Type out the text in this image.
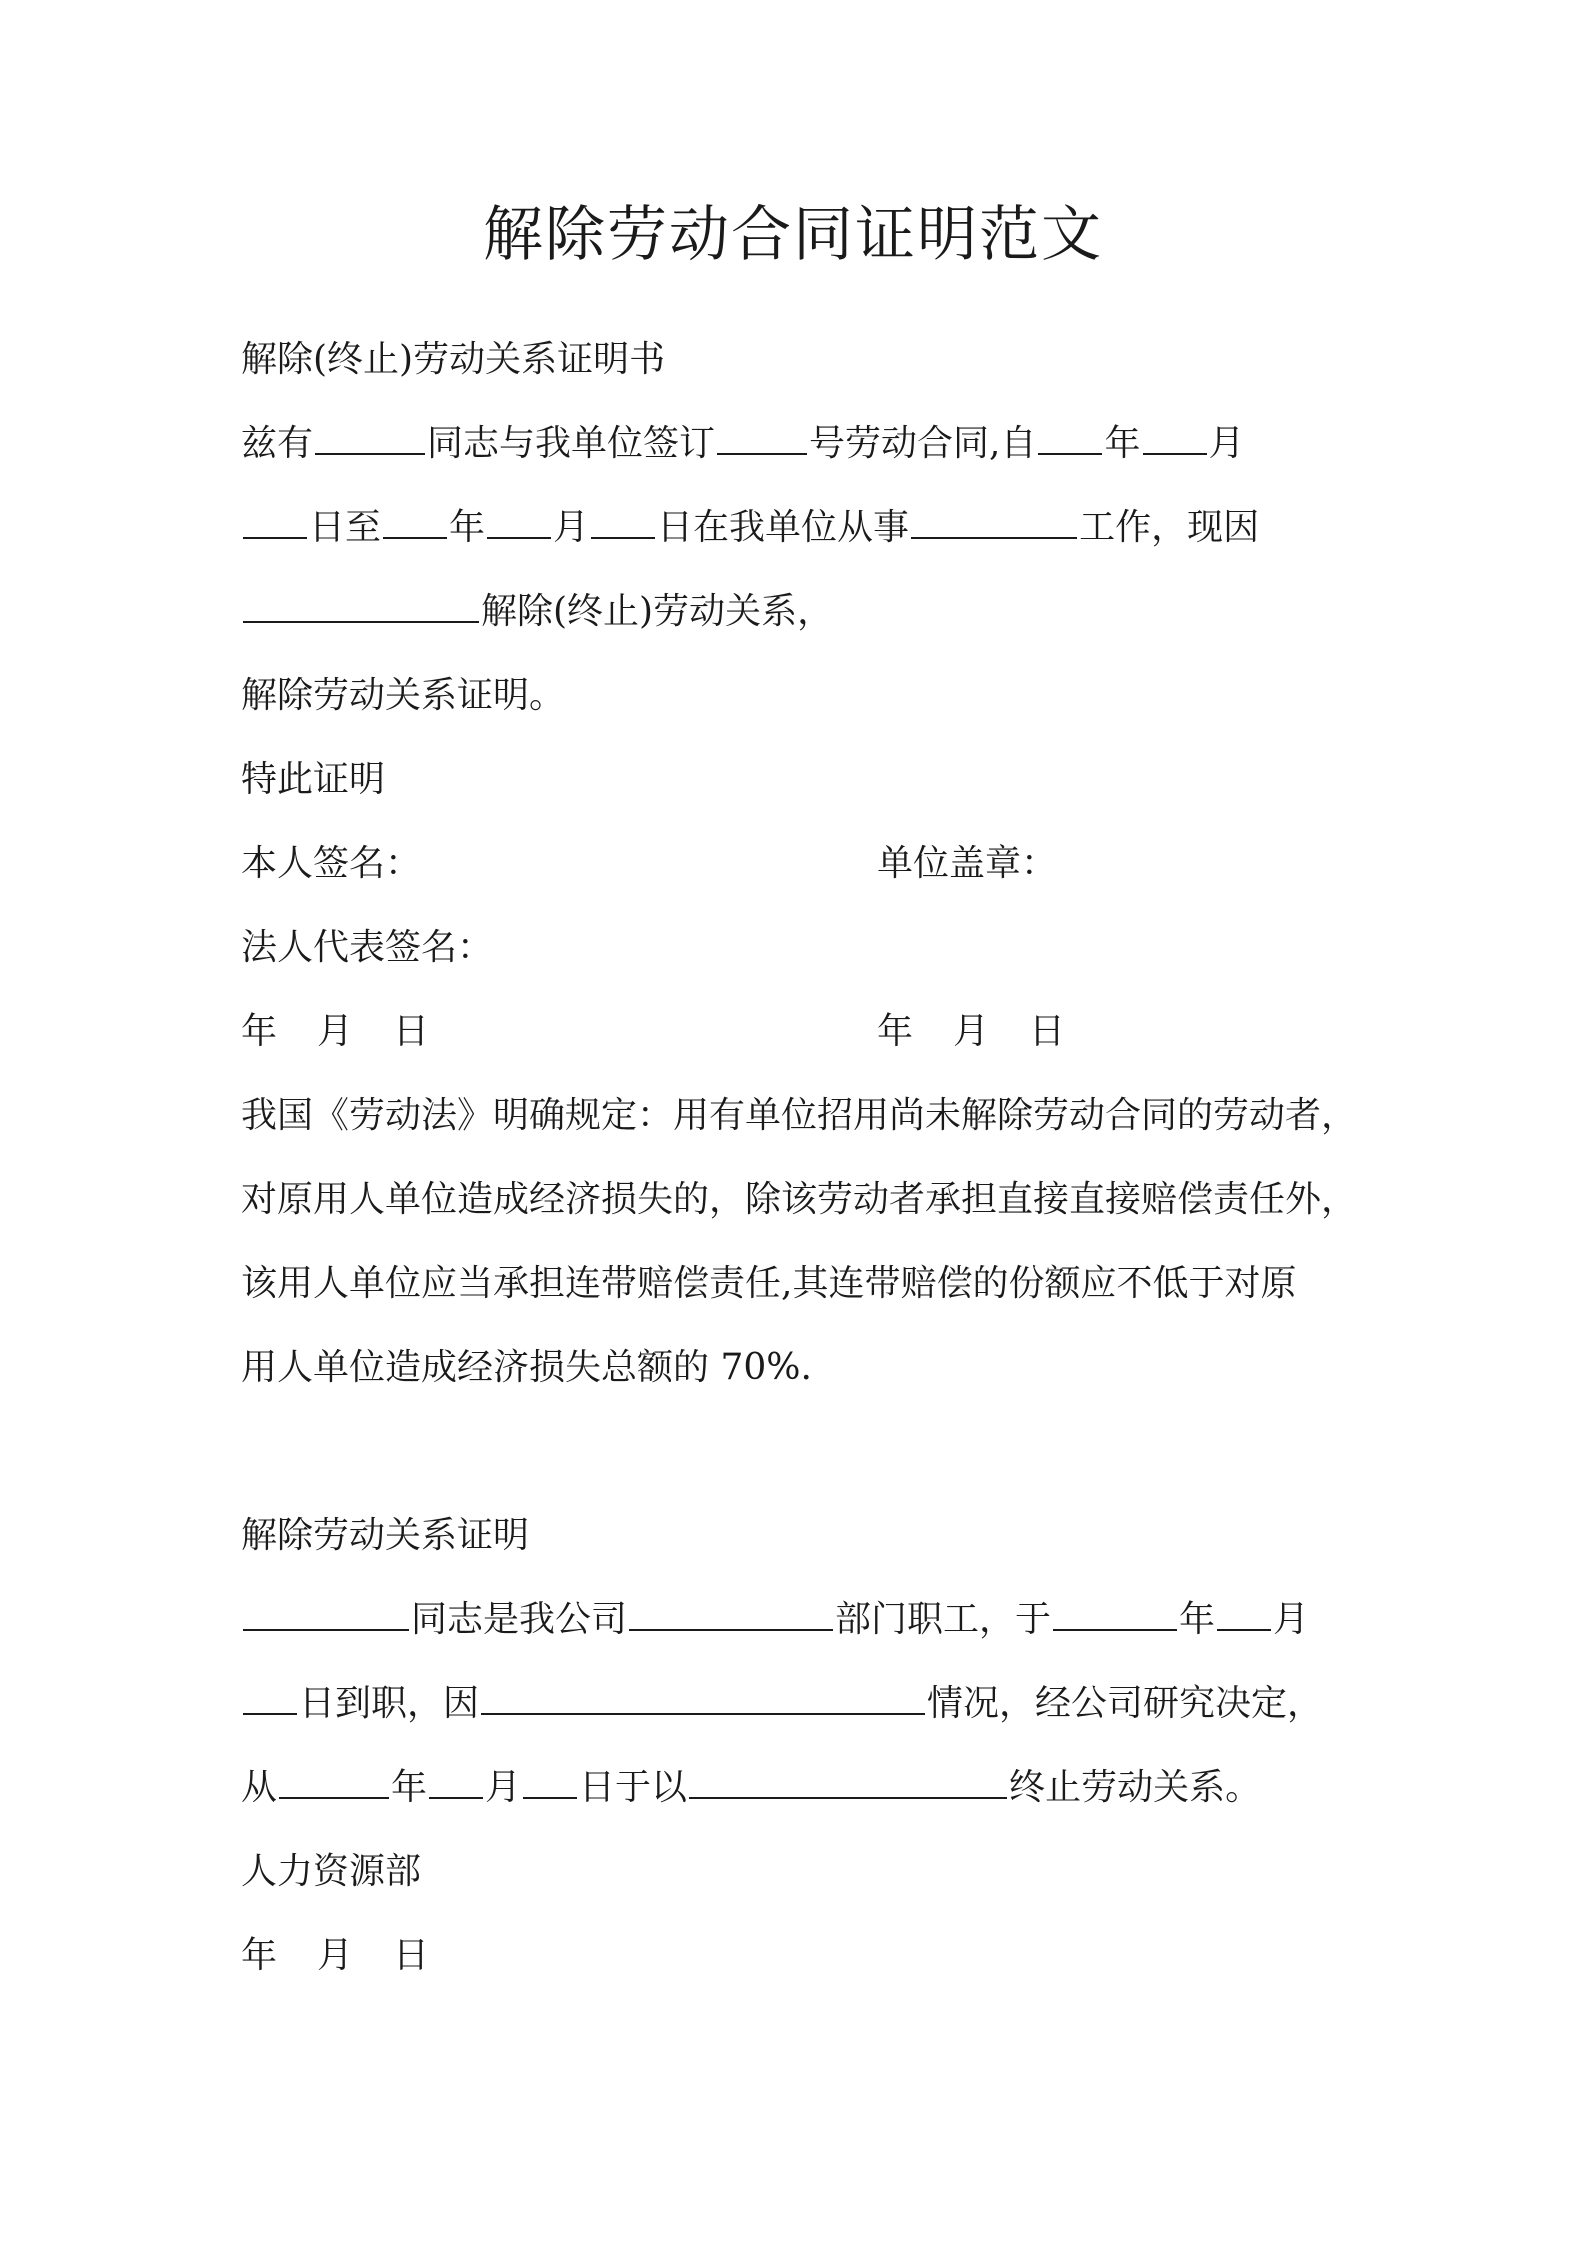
解除劳动合同证明范文
解除(终止)劳动关系证明书
兹有	同志与我单位签订	号劳动合同,自 年 月
日至 年 月 日在我单位从事	工作，现因
解除(终止)劳动关系，
解除劳动关系证明。
特此证明
本人签名：	单位盖章：
法人代表签名：
年 月 日	年 月 日
我国《劳动法》明确规定：用有单位招用尚未解除劳动合同的劳动者，
对原用人单位造成经济损失的，除该劳动者承担直接直接赔偿责任外，
该用人单位应当承担连带赔偿责任,其连带赔偿的份额应不低于对原
用人单位造成经济损失总额的 70%.
解除劳动关系证明
同志是我公司	部门职工，于	年 月
日到职，因	情况，经公司研究决定，
从	年 月 日于以	终止劳动关系。
人力资源部
年 月 日
